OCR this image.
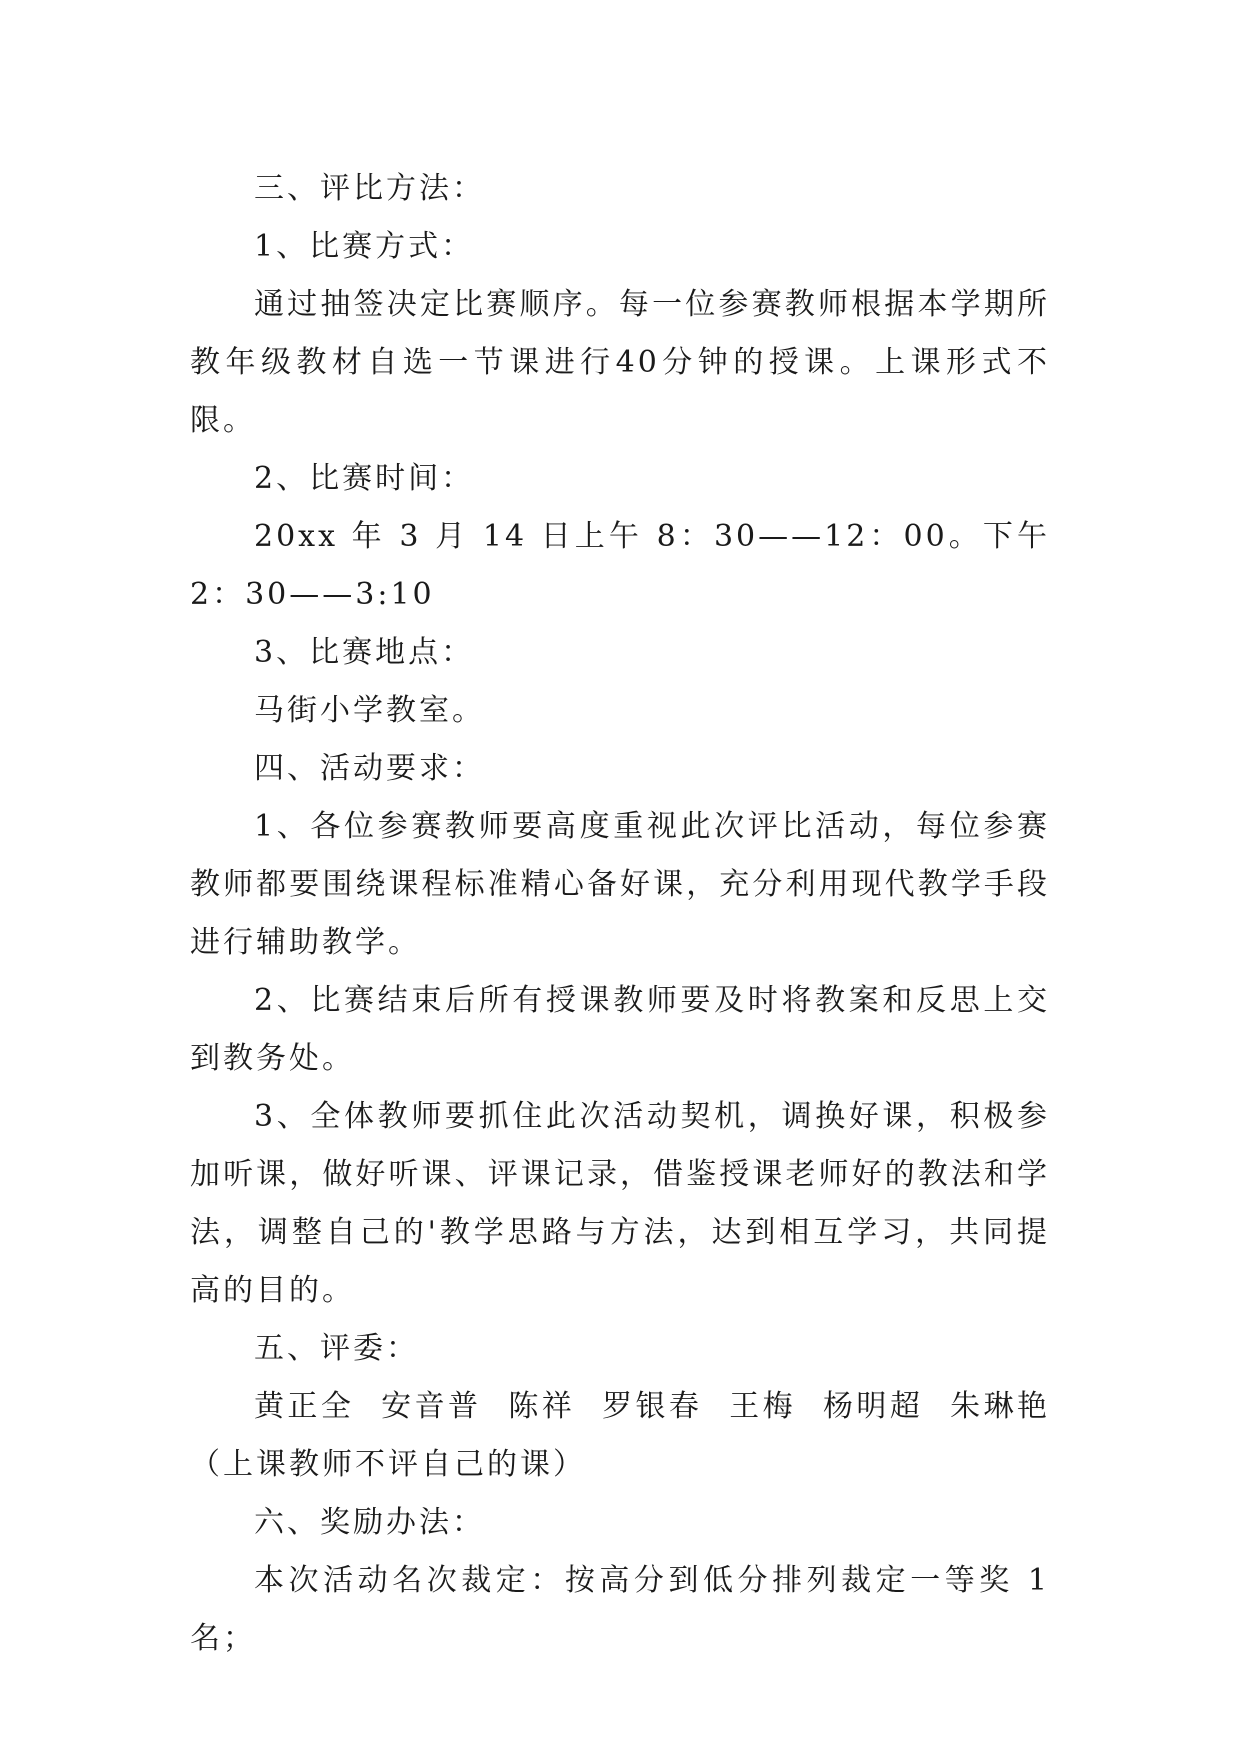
三、评比方法：

1、比赛方式：

通过抽签决定比赛顺序。每一位参赛教师根据本学期所教年级教材自选一节课进行40分钟的授课。上课形式不限。

2、比赛时间：

20xx 年 3 月 14 日上午 8：30——12：00。下午 2：30——3:10

3、比赛地点：

马街小学教室。

四、活动要求：

1、各位参赛教师要高度重视此次评比活动，每位参赛教师都要围绕课程标准精心备好课，充分利用现代教学手段进行辅助教学。

2、比赛结束后所有授课教师要及时将教案和反思上交到教务处。

3、全体教师要抓住此次活动契机，调换好课，积极参加听课，做好听课、评课记录，借鉴授课老师好的教法和学法，调整自己的'教学思路与方法，达到相互学习，共同提高的目的。

五、评委：

黄正全 安音普 陈祥 罗银春 王梅 杨明超 朱琳艳 （上课教师不评自己的课）

六、奖励办法：

本次活动名次裁定：按高分到低分排列裁定一等奖 1 名；
